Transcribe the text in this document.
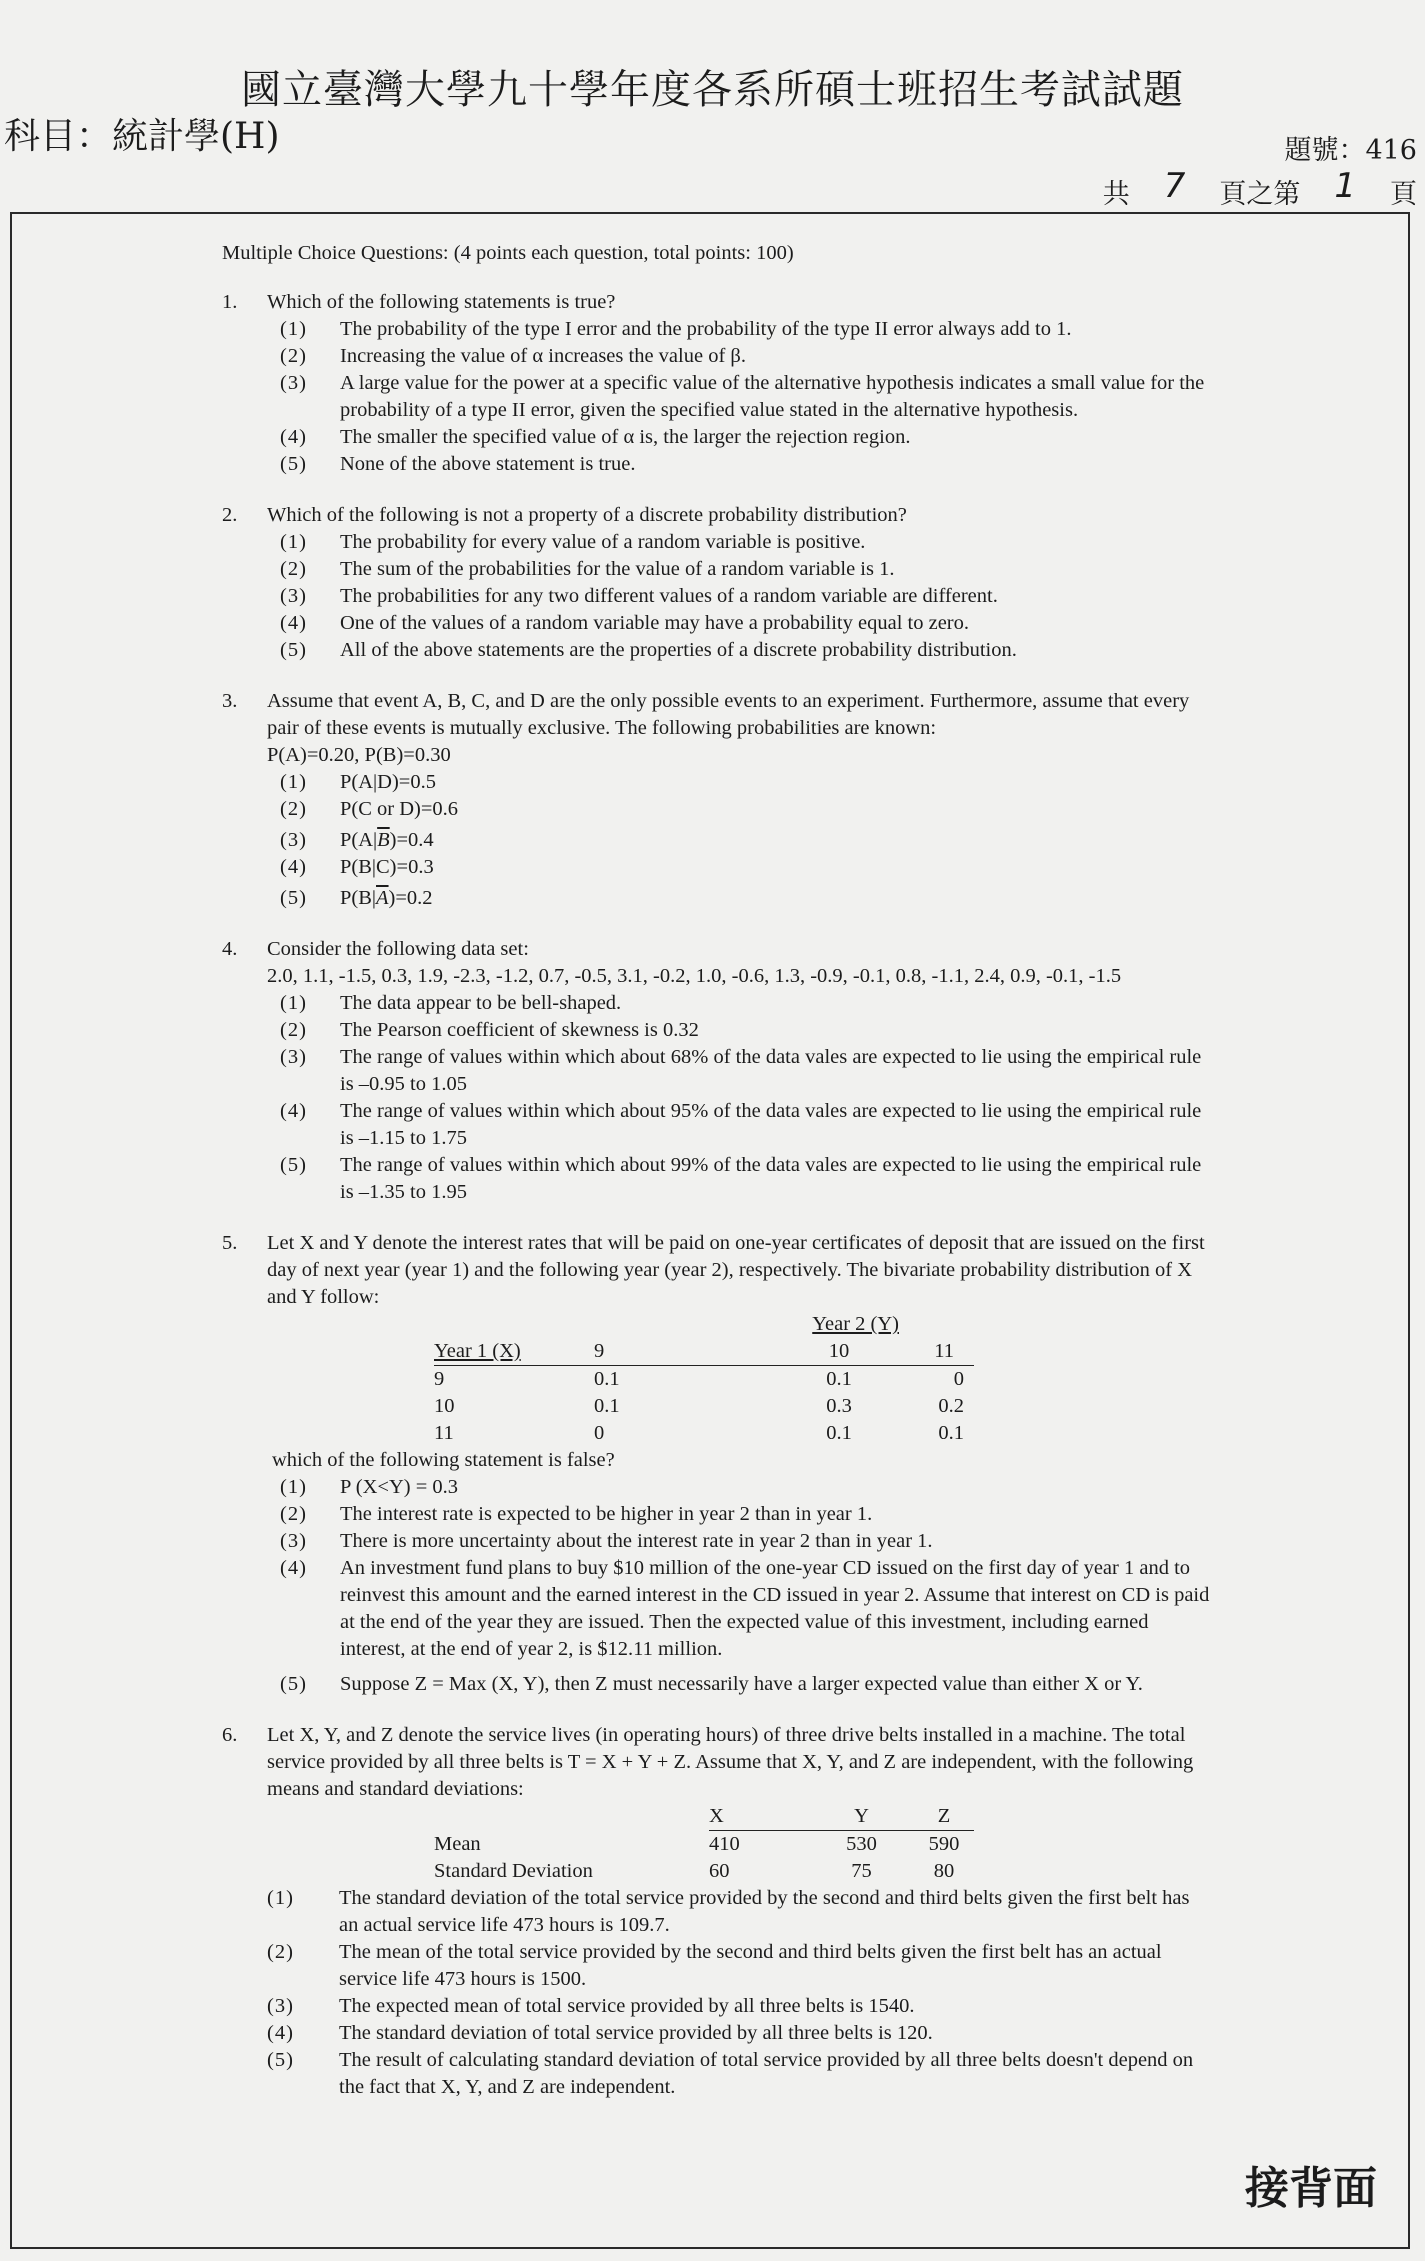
國立臺灣大學九十學年度各系所碩士班招生考試試題
科目：統計學(H)	題號：416
共 7 頁之第 1 頁
Multiple Choice Questions: (4 points each question, total points: 100)
1. Which of the following statements is true?
(1) The probability of the type I error and the probability of the type II error always add to 1.
(2) Increasing the value of α increases the value of β.
(3) A large value for the power at a specific value of the alternative hypothesis indicates a small value for the probability of a type II error, given the specified value stated in the alternative hypothesis.
(4) The smaller the specified value of α is, the larger the rejection region.
(5) None of the above statement is true.
2. Which of the following is not a property of a discrete probability distribution?
(1) The probability for every value of a random variable is positive.
(2) The sum of the probabilities for the value of a random variable is 1.
(3) The probabilities for any two different values of a random variable are different.
(4) One of the values of a random variable may have a probability equal to zero.
(5) All of the above statements are the properties of a discrete probability distribution.
3. Assume that event A, B, C, and D are the only possible events to an experiment. Furthermore, assume that every pair of these events is mutually exclusive. The following probabilities are known:
P(A)=0.20, P(B)=0.30
(1) P(A|D)=0.5
(2) P(C or D)=0.6
(3) $P(A|\overline{B})=0.4$
(4) P(B|C)=0.3
(5) $P(B|\overline{A})=0.2$
4. Consider the following data set:
2.0, 1.1, -1.5, 0.3, 1.9, -2.3, -1.2, 0.7, -0.5, 3.1, -0.2, 1.0, -0.6, 1.3, -0.9, -0.1, 0.8, -1.1, 2.4, 0.9, -0.1, -1.5
(1) The data appear to be bell-shaped.
(2) The Pearson coefficient of skewness is 0.32
(3) The range of values within which about 68% of the data vales are expected to lie using the empirical rule is –0.95 to 1.05
(4) The range of values within which about 95% of the data vales are expected to lie using the empirical rule is –1.15 to 1.75
(5) The range of values within which about 99% of the data vales are expected to lie using the empirical rule is –1.35 to 1.95
5. Let X and Y denote the interest rates that will be paid on one-year certificates of deposit that are issued on the first day of next year (year 1) and the following year (year 2), respectively. The bivariate probability distribution of X and Y follow:
	Year 2 (Y)		
Year 1 (X)	9	10	11
9	0.1	0.1	0
10	0.1	0.3	0.2
11	0	0.1	0.1
which of the following statement is false?
(1) P (X<Y) = 0.3
(2) The interest rate is expected to be higher in year 2 than in year 1.
(3) There is more uncertainty about the interest rate in year 2 than in year 1.
(4) An investment fund plans to buy $10 million of the one-year CD issued on the first day of year 1 and to reinvest this amount and the earned interest in the CD issued in year 2. Assume that interest on CD is paid at the end of the year they are issued. Then the expected value of this investment, including earned interest, at the end of year 2, is $12.11 million.
(5) Suppose Z = Max (X, Y), then Z must necessarily have a larger expected value than either X or Y.
6. Let X, Y, and Z denote the service lives (in operating hours) of three drive belts installed in a machine. The total service provided by all three belts is T = X + Y + Z. Assume that X, Y, and Z are independent, with the following means and standard deviations:
	X	Y	Z
Mean	410	530	590
Standard Deviation	60	75	80
(1) The standard deviation of the total service provided by the second and third belts given the first belt has an actual service life 473 hours is 109.7.
(2) The mean of the total service provided by the second and third belts given the first belt has an actual service life 473 hours is 1500.
(3) The expected mean of total service provided by all three belts is 1540.
(4) The standard deviation of total service provided by all three belts is 120.
(5) The result of calculating standard deviation of total service provided by all three belts doesn't depend on the fact that X, Y, and Z are independent.
接背面
